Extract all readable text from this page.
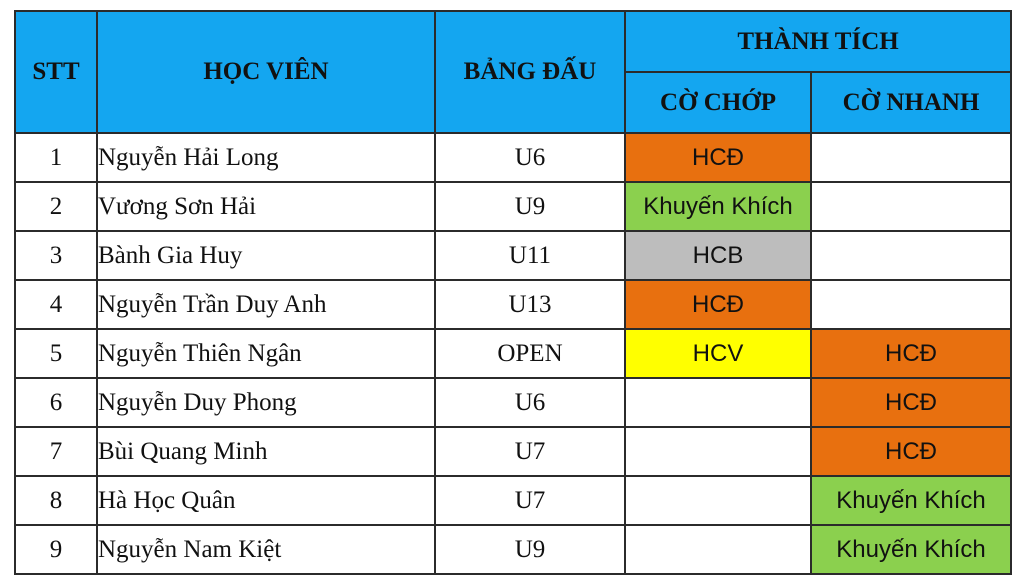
STT	HỌC VIÊN	BẢNG ĐẤU	THÀNH TÍCH	
			CỜ CHỚP	CỜ NHANH
1	Nguyễn Hải Long	U6	HCĐ	
2	Vương Sơn Hải	U9	Khuyến Khích	
3	Bành Gia Huy	U11	HCB	
4	Nguyễn Trần Duy Anh	U13	HCĐ	
5	Nguyễn Thiên Ngân	OPEN	HCV	HCĐ
6	Nguyễn Duy Phong	U6		HCĐ
7	Bùi Quang Minh	U7		HCĐ
8	Hà Học Quân	U7		Khuyến Khích
9	Nguyễn Nam Kiệt	U9		Khuyến Khích
